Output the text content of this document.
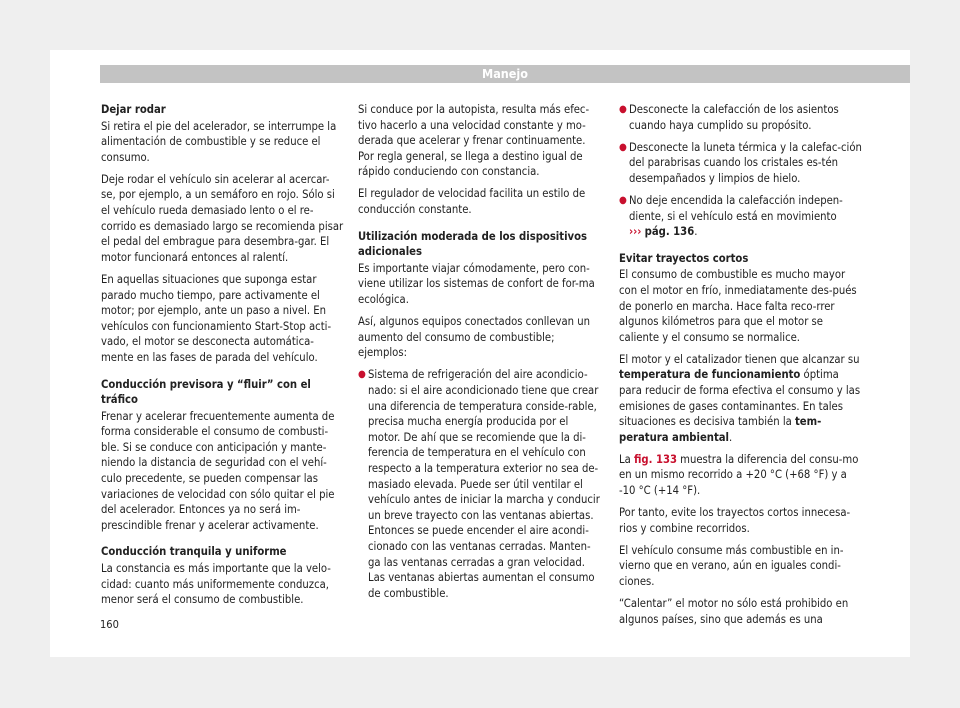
Manejo
Dejar rodar

Si retira el pie del acelerador, se interrumpe la alimentación de combustible y se reduce el consumo.

Deje rodar el vehículo sin acelerar al acercar-se, por ejemplo, a un semáforo en rojo. Sólo si el vehículo rueda demasiado lento o el re-corrido es demasiado largo se recomienda pisar el pedal del embrague para desembra-gar. El motor funcionará entonces al ralentí.

En aquellas situaciones que suponga estar parado mucho tiempo, pare activamente el motor; por ejemplo, ante un paso a nivel. En vehículos con funcionamiento Start-Stop acti-vado, el motor se desconecta automática-mente en las fases de parada del vehículo.

Conducción previsora y “fluir” con el tráfico

Frenar y acelerar frecuentemente aumenta de forma considerable el consumo de combusti-ble. Si se conduce con anticipación y mante-niendo la distancia de seguridad con el vehí-culo precedente, se pueden compensar las variaciones de velocidad con sólo quitar el pie del acelerador. Entonces ya no será im-prescindible frenar y acelerar activamente.

Conducción tranquila y uniforme

La constancia es más importante que la velo-cidad: cuanto más uniformemente conduzca, menor será el consumo de combustible.

Si conduce por la autopista, resulta más efec-tivo hacerlo a una velocidad constante y mo-derada que acelerar y frenar continuamente. Por regla general, se llega a destino igual de rápido conduciendo con constancia.

El regulador de velocidad facilita un estilo de conducción constante.

Utilización moderada de los dispositivos adicionales

Es importante viajar cómodamente, pero con-viene utilizar los sistemas de confort de for-ma ecológica.

Así, algunos equipos conectados conllevan un aumento del consumo de combustible; ejemplos:

● Sistema de refrigeración del aire acondicio-nado: si el aire acondicionado tiene que crear una diferencia de temperatura conside-rable, precisa mucha energía producida por el motor. De ahí que se recomiende que la di-ferencia de temperatura en el vehículo con respecto a la temperatura exterior no sea de-masiado elevada. Puede ser útil ventilar el vehículo antes de iniciar la marcha y conducir un breve trayecto con las ventanas abiertas. Entonces se puede encender el aire acondi-cionado con las ventanas cerradas. Manten-ga las ventanas cerradas a gran velocidad. Las ventanas abiertas aumentan el consumo de combustible.
● Desconecte la calefacción de los asientos cuando haya cumplido su propósito.
● Desconecte la luneta térmica y la calefac-ción del parabrisas cuando los cristales es-tén desempañados y limpios de hielo.
● No deje encendida la calefacción indepen-diente, si el vehículo está en movimiento
››› pág. 136.
Evitar trayectos cortos

El consumo de combustible es mucho mayor con el motor en frío, inmediatamente des-pués de ponerlo en marcha. Hace falta reco-rrer algunos kilómetros para que el motor se caliente y el consumo se normalice.

El motor y el catalizador tienen que alcanzar su temperatura de funcionamiento óptima para reducir de forma efectiva el consumo y las emisiones de gases contaminantes. En tales situaciones es decisiva también la tem-peratura ambiental.

La fig. 133 muestra la diferencia del consu-mo en un mismo recorrido a +20 °C (+68 °F) y a -10 °C (+14 °F).

Por tanto, evite los trayectos cortos innecesa-rios y combine recorridos.

El vehículo consume más combustible en in-vierno que en verano, aún en iguales condi-ciones.

“Calentar” el motor no sólo está prohibido en algunos países, sino que además es una

160
